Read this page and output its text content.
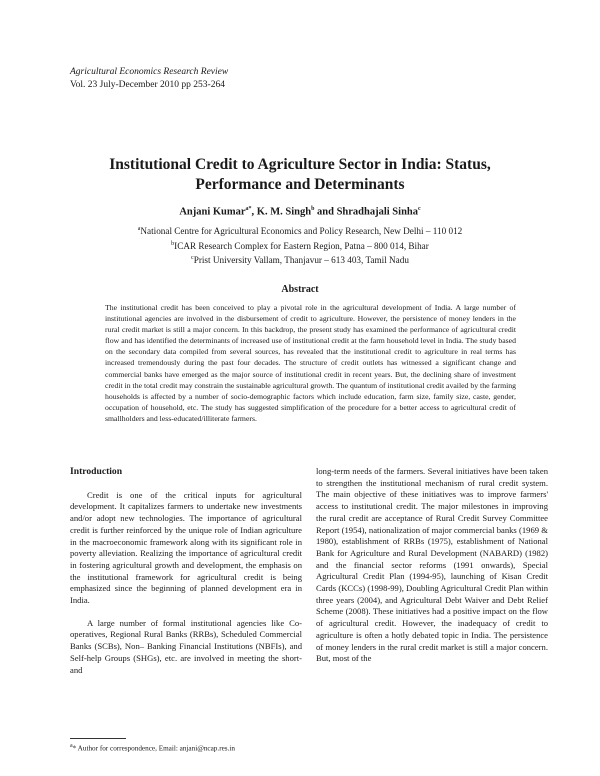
Agricultural Economics Research Review
Vol. 23 July-December 2010 pp 253-264
Institutional Credit to Agriculture Sector in India: Status,
Performance and Determinants
Anjani Kumar$^{a*}$, K. M. Singh$^b$ and Shradhajali Sinha$^c$
$^a$National Centre for Agricultural Economics and Policy Research, New Delhi – 110 012
$^b$ICAR Research Complex for Eastern Region, Patna – 800 014, Bihar
$^c$Prist University Vallam, Thanjavur – 613 403, Tamil Nadu
Abstract
The institutional credit has been conceived to play a pivotal role in the agricultural development of India. A large number of institutional agencies are involved in the disbursement of credit to agriculture. However, the persistence of money lenders in the rural credit market is still a major concern. In this backdrop, the present study has examined the performance of agricultural credit flow and has identified the determinants of increased use of institutional credit at the farm household level in India. The study based on the secondary data compiled from several sources, has revealed that the institutional credit to agriculture in real terms has increased tremendously during the past four decades. The structure of credit outlets has witnessed a significant change and commercial banks have emerged as the major source of institutional credit in recent years. But, the declining share of investment credit in the total credit may constrain the sustainable agricultural growth. The quantum of institutional credit availed by the farming households is affected by a number of socio-demographic factors which include education, farm size, family size, caste, gender, occupation of household, etc. The study has suggested simplification of the procedure for a better access to agricultural credit of smallholders and less-educated/illiterate farmers.
Introduction

Credit is one of the critical inputs for agricultural development. It capitalizes farmers to undertake new investments and/or adopt new technologies. The importance of agricultural credit is further reinforced by the unique role of Indian agriculture in the macroeconomic framework along with its significant role in poverty alleviation. Realizing the importance of agricultural credit in fostering agricultural growth and development, the emphasis on the institutional framework for agricultural credit is being emphasized since the beginning of planned development era in India.

A large number of formal institutional agencies like Co-operatives, Regional Rural Banks (RRBs), Scheduled Commercial Banks (SCBs), Non– Banking Financial Institutions (NBFIs), and Self-help Groups (SHGs), etc. are involved in meeting the short- and

long-term needs of the farmers. Several initiatives have been taken to strengthen the institutional mechanism of rural credit system. The main objective of these initiatives was to improve farmers' access to institutional credit. The major milestones in improving the rural credit are acceptance of Rural Credit Survey Committee Report (1954), nationalization of major commercial banks (1969 & 1980), establishment of RRBs (1975), establishment of National Bank for Agriculture and Rural Development (NABARD) (1982) and the financial sector reforms (1991 onwards), Special Agricultural Credit Plan (1994-95), launching of Kisan Credit Cards (KCCs) (1998-99), Doubling Agricultural Credit Plan within three years (2004), and Agricultural Debt Waiver and Debt Relief Scheme (2008). These initiatives had a positive impact on the flow of agricultural credit. However, the inadequacy of credit to agriculture is often a hotly debated topic in India. The persistence of money lenders in the rural credit market is still a major concern. But, most of the

$^a$* Author for correspondence, Email: anjani@ncap.res.in
